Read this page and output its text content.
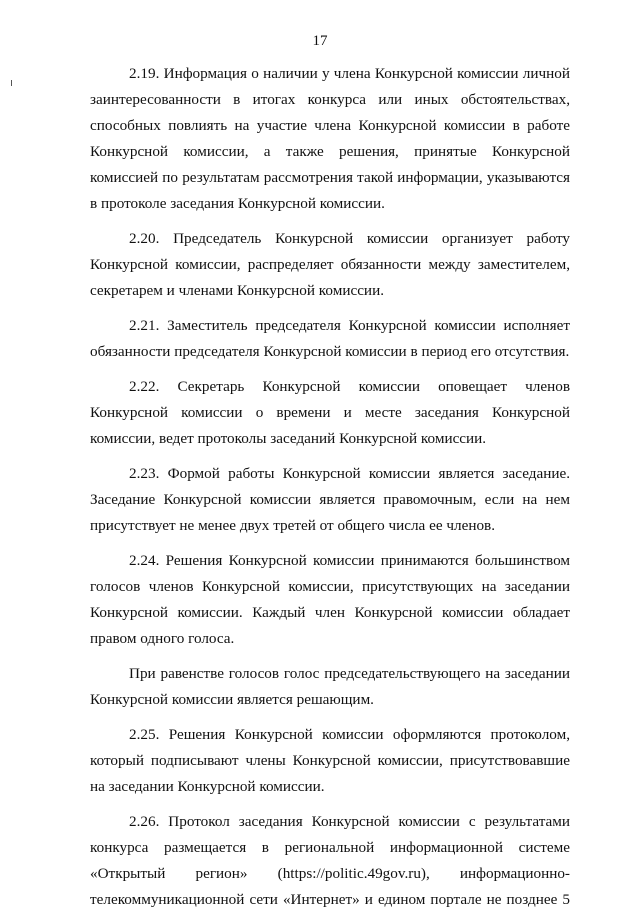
17

2.19. Информация о наличии у члена Конкурсной комиссии личной заинтересованности в итогах конкурса или иных обстоятельствах, способных повлиять на участие члена Конкурсной комиссии в работе Конкурсной комиссии, а также решения, принятые Конкурсной комиссией по результатам рассмотрения такой информации, указываются в протоколе заседания Конкурсной комиссии.

2.20. Председатель Конкурсной комиссии организует работу Конкурсной комиссии, распределяет обязанности между заместителем, секретарем и членами Конкурсной комиссии.

2.21. Заместитель председателя Конкурсной комиссии исполняет обязанности председателя Конкурсной комиссии в период его отсутствия.

2.22. Секретарь Конкурсной комиссии оповещает членов Конкурсной комиссии о времени и месте заседания Конкурсной комиссии, ведет протоколы заседаний Конкурсной комиссии.

2.23. Формой работы Конкурсной комиссии является заседание. Заседание Конкурсной комиссии является правомочным, если на нем присутствует не менее двух третей от общего числа ее членов.

2.24. Решения Конкурсной комиссии принимаются большинством голосов членов Конкурсной комиссии, присутствующих на заседании Конкурсной комиссии. Каждый член Конкурсной комиссии обладает правом одного голоса.

При равенстве голосов голос председательствующего на заседании Конкурсной комиссии является решающим.

2.25. Решения Конкурсной комиссии оформляются протоколом, который подписывают члены Конкурсной комиссии, присутствовавшие на заседании Конкурсной комиссии.

2.26. Протокол заседания Конкурсной комиссии с результатами конкурса размещается в региональной информационной системе «Открытый регион» (https://politic.49gov.ru), информационно-телекоммуникационной сети «Интернет» и едином портале не позднее 5
